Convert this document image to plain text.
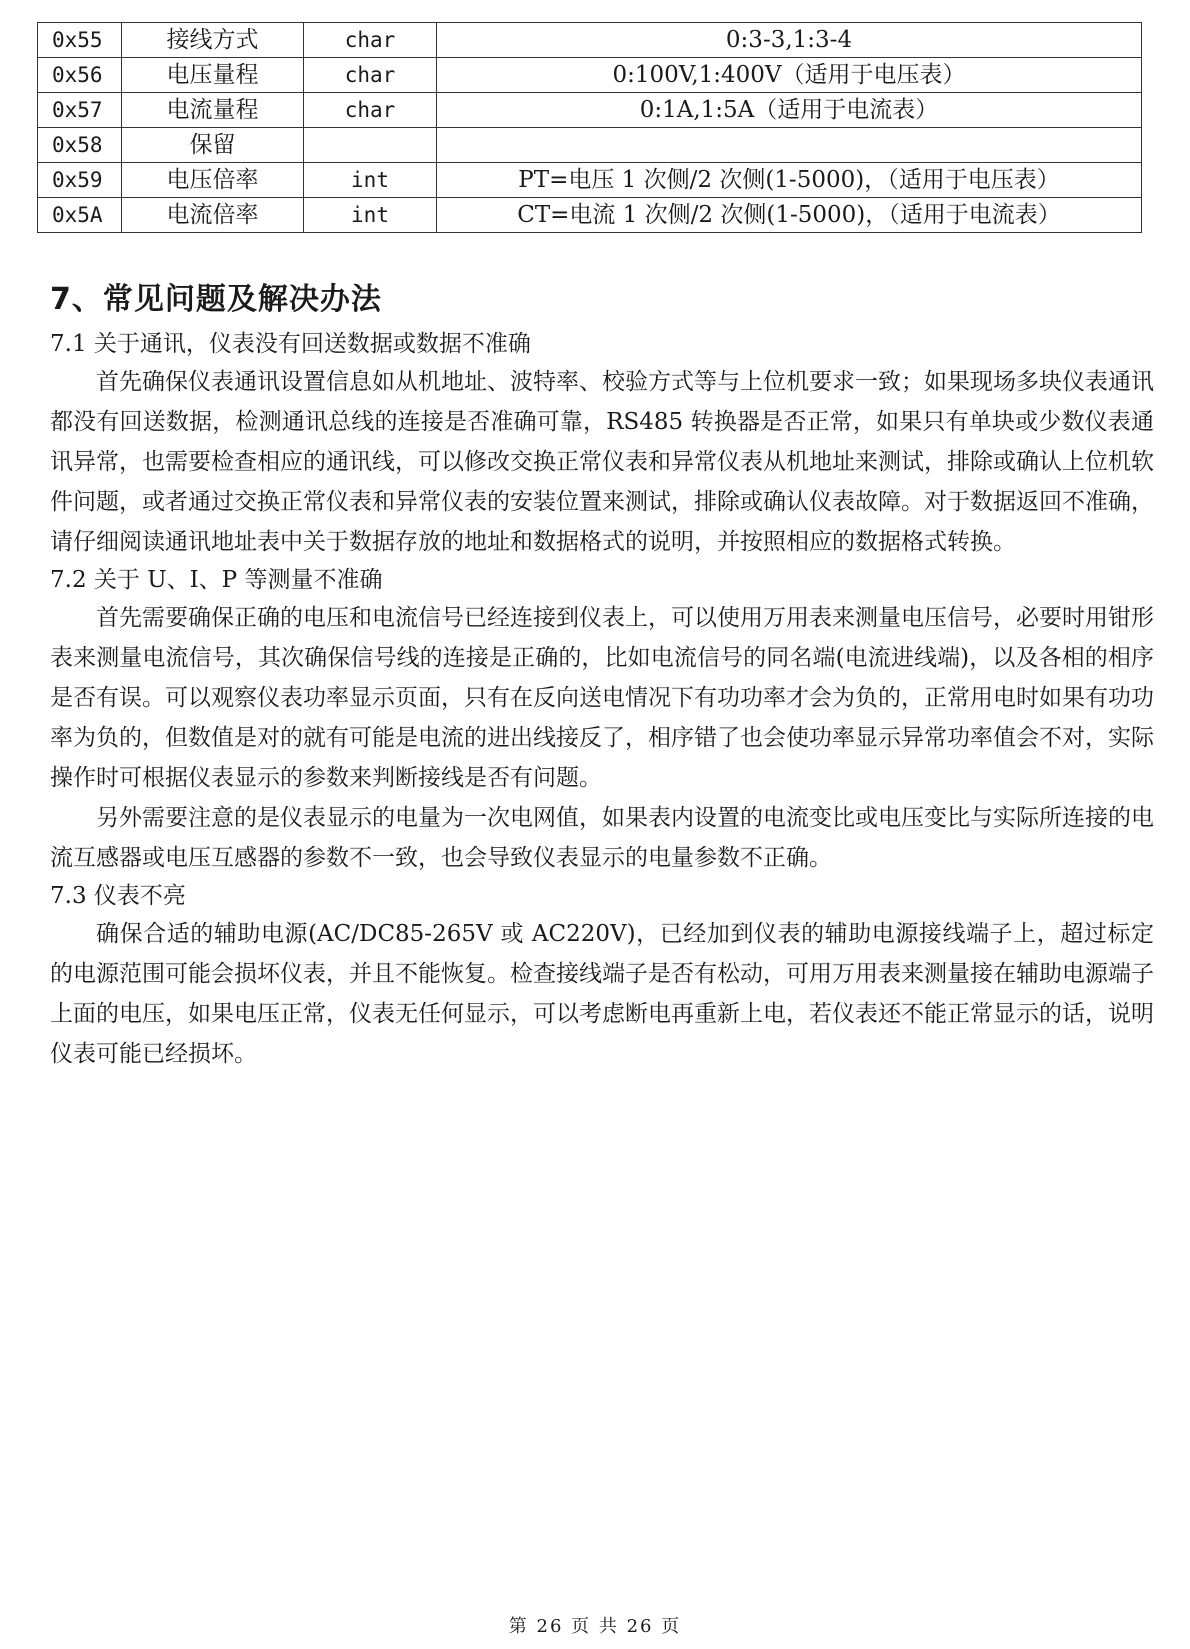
0x55	接线方式	char	0:3-3,1:3-4
0x56	电压量程	char	0:100V,1:400V（适用于电压表）
0x57	电流量程	char	0:1A,1:5A（适用于电流表）
0x58	保留		
0x59	电压倍率	int	PT=电压 1 次侧/2 次侧(1-5000)，（适用于电压表）
0x5A	电流倍率	int	CT=电流 1 次侧/2 次侧(1-5000)，（适用于电流表）
7、常见问题及解决办法
7.1 关于通讯，仪表没有回送数据或数据不准确

首先确保仪表通讯设置信息如从机地址、波特率、校验方式等与上位机要求一致；如果现场多块仪表通讯都没有回送数据，检测通讯总线的连接是否准确可靠，RS485 转换器是否正常，如果只有单块或少数仪表通讯异常，也需要检查相应的通讯线，可以修改交换正常仪表和异常仪表从机地址来测试，排除或确认上位机软件问题，或者通过交换正常仪表和异常仪表的安装位置来测试，排除或确认仪表故障。对于数据返回不准确，请仔细阅读通讯地址表中关于数据存放的地址和数据格式的说明，并按照相应的数据格式转换。

7.2 关于 U、I、P 等测量不准确

首先需要确保正确的电压和电流信号已经连接到仪表上，可以使用万用表来测量电压信号，必要时用钳形表来测量电流信号，其次确保信号线的连接是正确的，比如电流信号的同名端(电流进线端)，以及各相的相序是否有误。可以观察仪表功率显示页面，只有在反向送电情况下有功功率才会为负的，正常用电时如果有功功率为负的，但数值是对的就有可能是电流的进出线接反了，相序错了也会使功率显示异常功率值会不对，实际操作时可根据仪表显示的参数来判断接线是否有问题。

另外需要注意的是仪表显示的电量为一次电网值，如果表内设置的电流变比或电压变比与实际所连接的电流互感器或电压互感器的参数不一致，也会导致仪表显示的电量参数不正确。

7.3 仪表不亮

确保合适的辅助电源(AC/DC85-265V 或 AC220V)，已经加到仪表的辅助电源接线端子上，超过标定的电源范围可能会损坏仪表，并且不能恢复。检查接线端子是否有松动，可用万用表来测量接在辅助电源端子上面的电压，如果电压正常，仪表无任何显示，可以考虑断电再重新上电，若仪表还不能正常显示的话，说明仪表可能已经损坏。

第 26 页 共 26 页
